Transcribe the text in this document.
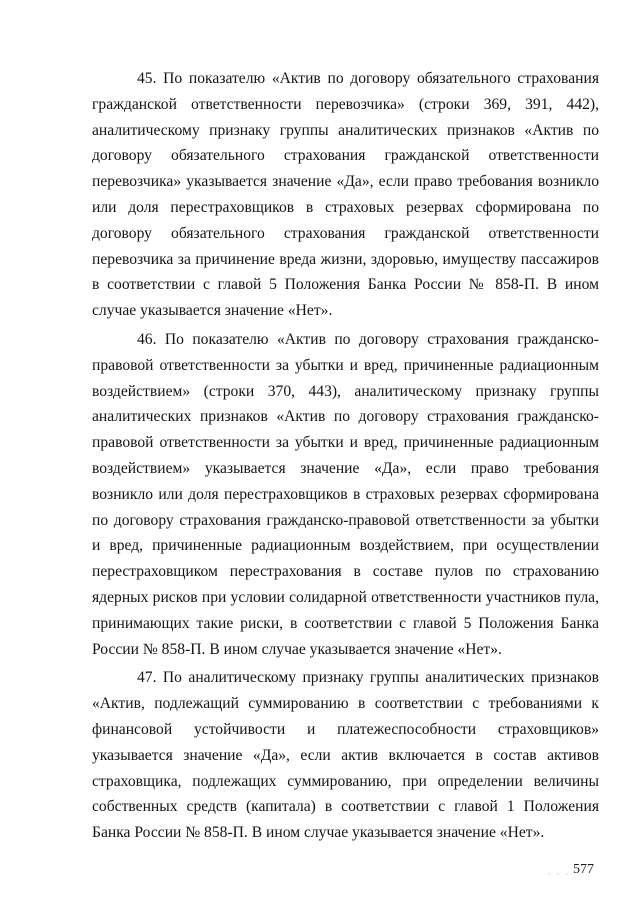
45. По показателю «Актив по договору обязательного страхования гражданской ответственности перевозчика» (строки 369, 391, 442), аналитическому признаку группы аналитических признаков «Актив по договору обязательного страхования гражданской ответственности перевозчика» указывается значение «Да», если право требования возникло или доля перестраховщиков в страховых резервах сформирована по договору обязательного страхования гражданской ответственности перевозчика за причинение вреда жизни, здоровью, имуществу пассажиров в соответствии с главой 5 Положения Банка России № 858-П. В ином случае указывается значение «Нет».

46. По показателю «Актив по договору страхования гражданско-правовой ответственности за убытки и вред, причиненные радиационным воздействием» (строки 370, 443), аналитическому признаку группы аналитических признаков «Актив по договору страхования гражданско-правовой ответственности за убытки и вред, причиненные радиационным воздействием» указывается значение «Да», если право требования возникло или доля перестраховщиков в страховых резервах сформирована по договору страхования гражданско-правовой ответственности за убытки и вред, причиненные радиационным воздействием, при осуществлении перестраховщиком перестрахования в составе пулов по страхованию ядерных рисков при условии солидарной ответственности участников пула, принимающих такие риски, в соответствии с главой 5 Положения Банка России № 858-П. В ином случае указывается значение «Нет».

47. По аналитическому признаку группы аналитических признаков «Актив, подлежащий суммированию в соответствии с требованиями к финансовой устойчивости и платежеспособности страховщиков» указывается значение «Да», если актив включается в состав активов страховщика, подлежащих суммированию, при определении величины собственных средств (капитала) в соответствии с главой 1 Положения Банка России № 858-П. В ином случае указывается значение «Нет».

· · · 577
